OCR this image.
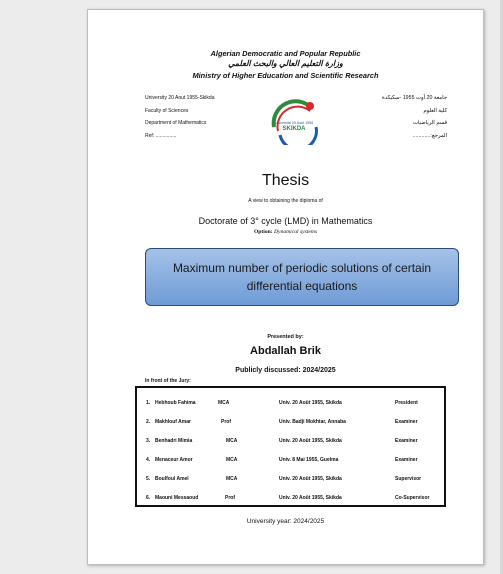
Algerian Democratic and Popular Republic
وزارة التعليم العالي والبحث العلمي
Ministry of Higher Education and Scientific Research
University 20 Aout 1955-Skikda
Faculty of Sciences
Department of Mathematics
Ref: ...............
جامعة 20 أوت 1955 -سكيكدة
كلية العلوم
قسم الرياضيات
المرجع:............
Université 20 Août 1955
SKIKDA
Thesis
A view to obtaining the diploma of
Doctorate of 3° cycle (LMD) in Mathematics
Option: Dynamical systems
Maximum number of periodic solutions of certain differential equations
Presented by:
Abdallah Brik
Publicly discussed: 2024/2025
In front of the Jury:
1. Hebhoub Fahima	MCA	Univ. 20 Août 1955, Skikda	President
2. Makhlouf Amar	Prof	Univ. Badji Mokhtar, Annaba	Examiner
3. Benhadri Mimia	MCA	Univ. 20 Août 1955, Skikda	Examiner
4. Menaceur Amor	MCA	Univ. 8 Mai 1955, Guelma	Examiner
5. Boulfoul Amel	MCA	Univ. 20 Août 1955, Skikda	Supervisor
6. Maouni Messaoud	Prof	Univ. 20 Août 1955, Skikda	Co-Supervisor
University year: 2024/2025
